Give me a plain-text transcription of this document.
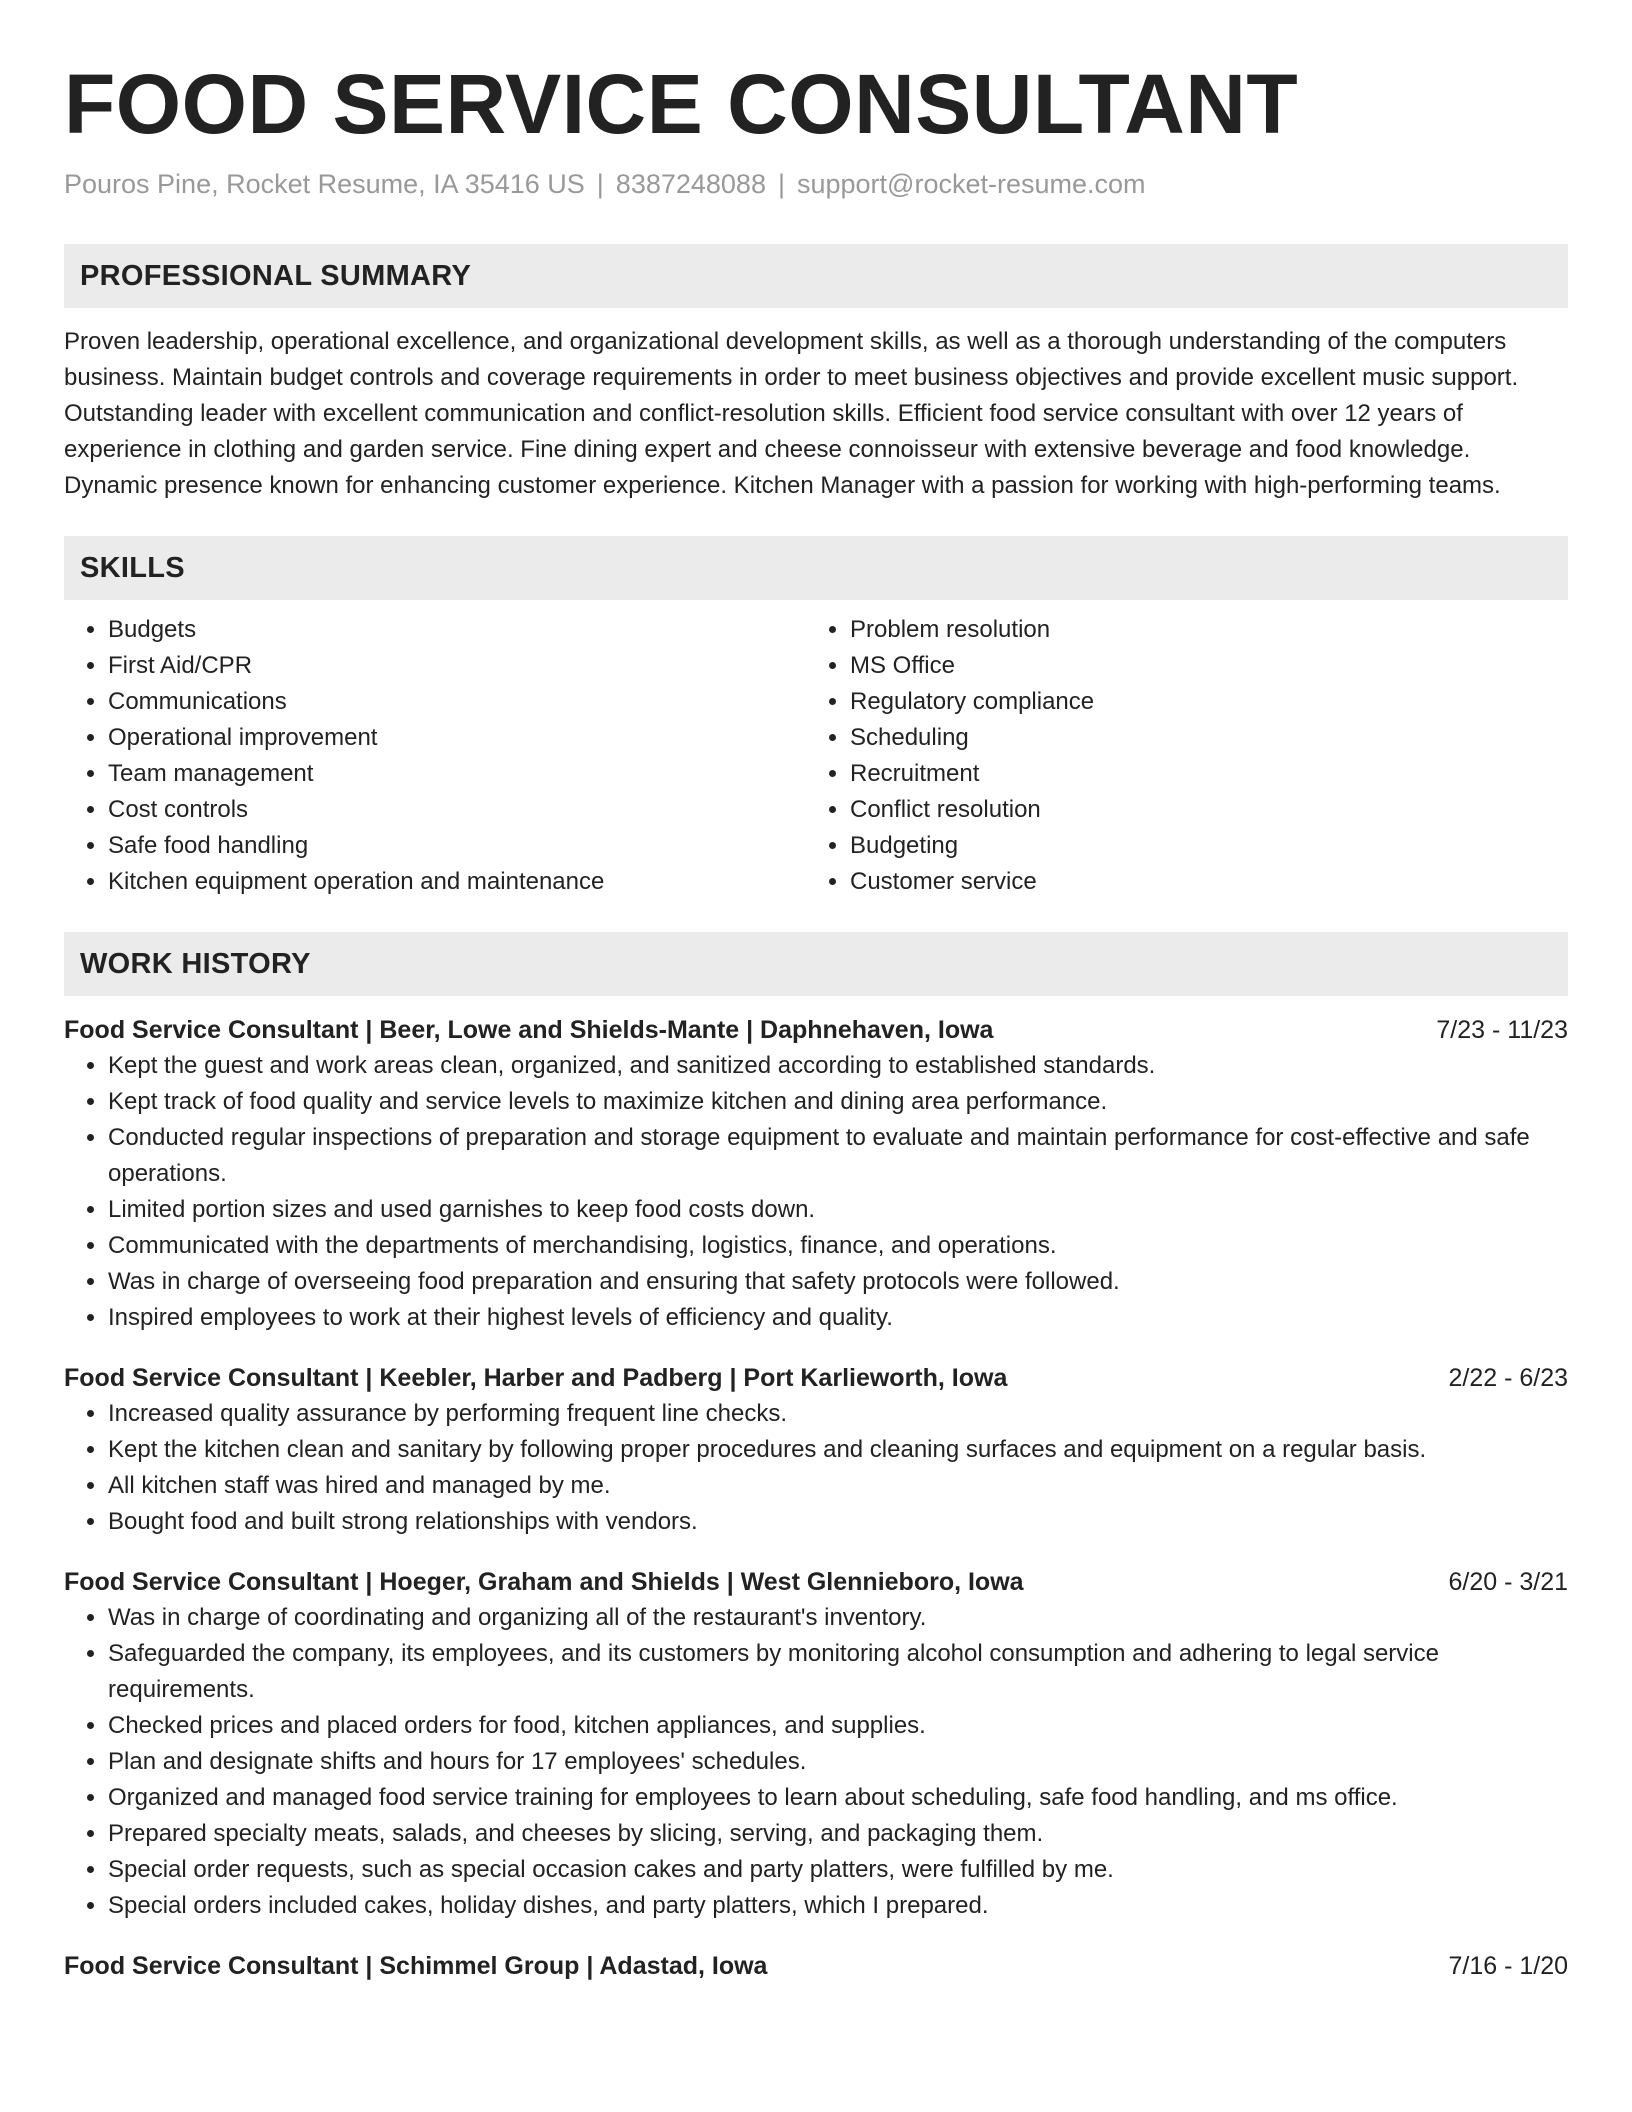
FOOD SERVICE CONSULTANT
Pouros Pine, Rocket Resume, IA 35416 US | 8387248088 | support@rocket-resume.com
PROFESSIONAL SUMMARY
Proven leadership, operational excellence, and organizational development skills, as well as a thorough understanding of the computers business. Maintain budget controls and coverage requirements in order to meet business objectives and provide excellent music support. Outstanding leader with excellent communication and conflict-resolution skills. Efficient food service consultant with over 12 years of experience in clothing and garden service. Fine dining expert and cheese connoisseur with extensive beverage and food knowledge. Dynamic presence known for enhancing customer experience. Kitchen Manager with a passion for working with high-performing teams.
SKILLS
• Budgets
• First Aid/CPR
• Communications
• Operational improvement
• Team management
• Cost controls
• Safe food handling
• Kitchen equipment operation and maintenance
• Problem resolution
• MS Office
• Regulatory compliance
• Scheduling
• Recruitment
• Conflict resolution
• Budgeting
• Customer service
WORK HISTORY
Food Service Consultant | Beer, Lowe and Shields-Mante | Daphnehaven, Iowa	7/23 - 11/23
• Kept the guest and work areas clean, organized, and sanitized according to established standards.
• Kept track of food quality and service levels to maximize kitchen and dining area performance.
• Conducted regular inspections of preparation and storage equipment to evaluate and maintain performance for cost-effective and safe operations.
• Limited portion sizes and used garnishes to keep food costs down.
• Communicated with the departments of merchandising, logistics, finance, and operations.
• Was in charge of overseeing food preparation and ensuring that safety protocols were followed.
• Inspired employees to work at their highest levels of efficiency and quality.
Food Service Consultant | Keebler, Harber and Padberg | Port Karlieworth, Iowa	2/22 - 6/23
• Increased quality assurance by performing frequent line checks.
• Kept the kitchen clean and sanitary by following proper procedures and cleaning surfaces and equipment on a regular basis.
• All kitchen staff was hired and managed by me.
• Bought food and built strong relationships with vendors.
Food Service Consultant | Hoeger, Graham and Shields | West Glennieboro, Iowa	6/20 - 3/21
• Was in charge of coordinating and organizing all of the restaurant's inventory.
• Safeguarded the company, its employees, and its customers by monitoring alcohol consumption and adhering to legal service requirements.
• Checked prices and placed orders for food, kitchen appliances, and supplies.
• Plan and designate shifts and hours for 17 employees' schedules.
• Organized and managed food service training for employees to learn about scheduling, safe food handling, and ms office.
• Prepared specialty meats, salads, and cheeses by slicing, serving, and packaging them.
• Special order requests, such as special occasion cakes and party platters, were fulfilled by me.
• Special orders included cakes, holiday dishes, and party platters, which I prepared.
Food Service Consultant | Schimmel Group | Adastad, Iowa	7/16 - 1/20
